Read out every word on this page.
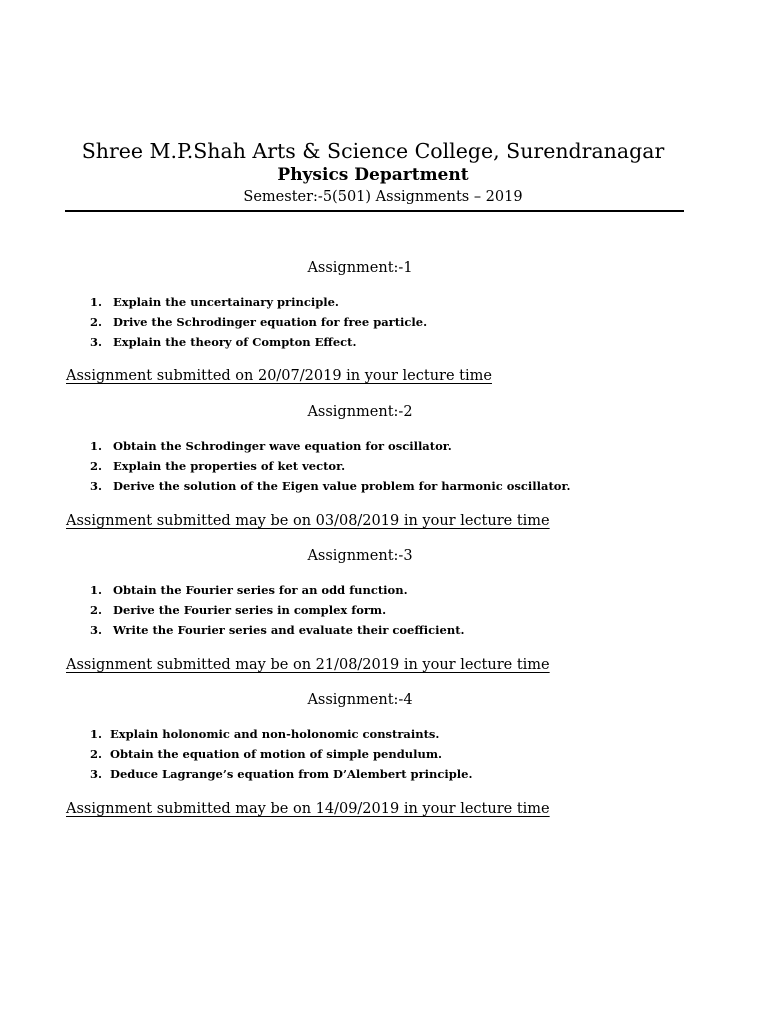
Shree M.P.Shah Arts & Science College, Surendranagar
Physics Department
Semester:-5(501) Assignments – 2019
Assignment:-1
1. Explain the uncertainary principle.
2. Drive the Schrodinger equation for free particle.
3. Explain the theory of Compton Effect.
Assignment submitted on 20/07/2019 in your lecture time
Assignment:-2
1. Obtain the Schrodinger wave equation for oscillator.
2. Explain the properties of ket vector.
3. Derive the solution of the Eigen value problem for harmonic oscillator.
Assignment submitted may be on 03/08/2019 in your lecture time
Assignment:-3
1. Obtain the Fourier series for an odd function.
2. Derive the Fourier series in complex form.
3. Write the Fourier series and evaluate their coefficient.
Assignment submitted may be on 21/08/2019 in your lecture time
Assignment:-4
1. Explain holonomic and non-holonomic constraints.
2. Obtain the equation of motion of simple pendulum.
3. Deduce Lagrange’s equation from D’Alembert principle.
Assignment submitted may be on 14/09/2019 in your lecture time
